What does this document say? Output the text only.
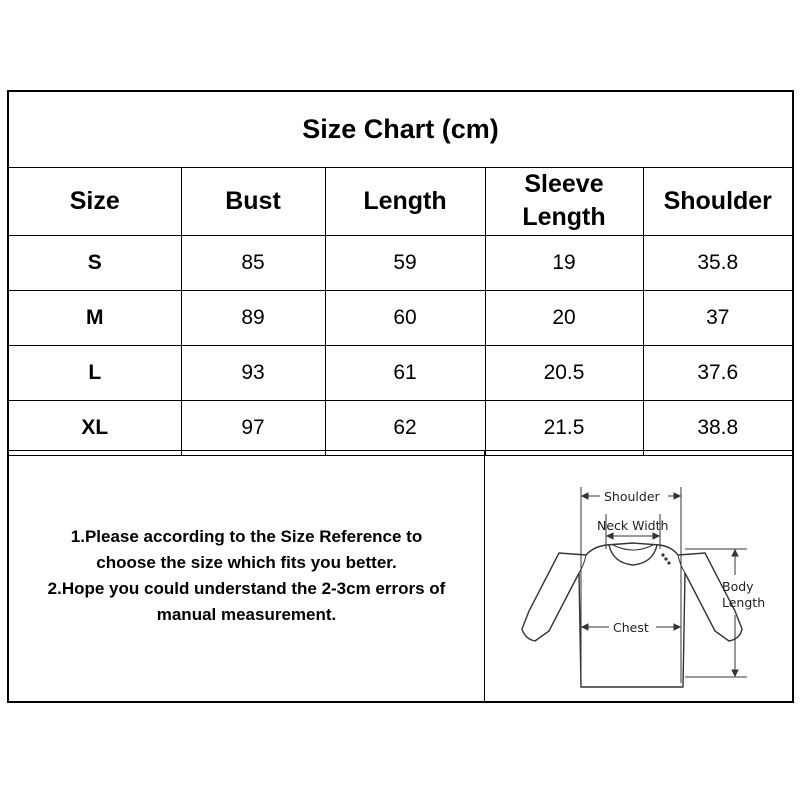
Size Chart (cm)
Size	Bust	Length	Sleeve Length	Shoulder
S	85	59	19	35.8
M	89	60	20	37
L	93	61	20.5	37.6
XL	97	62	21.5	38.8
1.Please according to the Size Reference to
choose the size which fits you better.
2.Hope you could understand the 2-3cm errors of
manual measurement.
Shoulder
Neck Width
Chest
Body
Length
